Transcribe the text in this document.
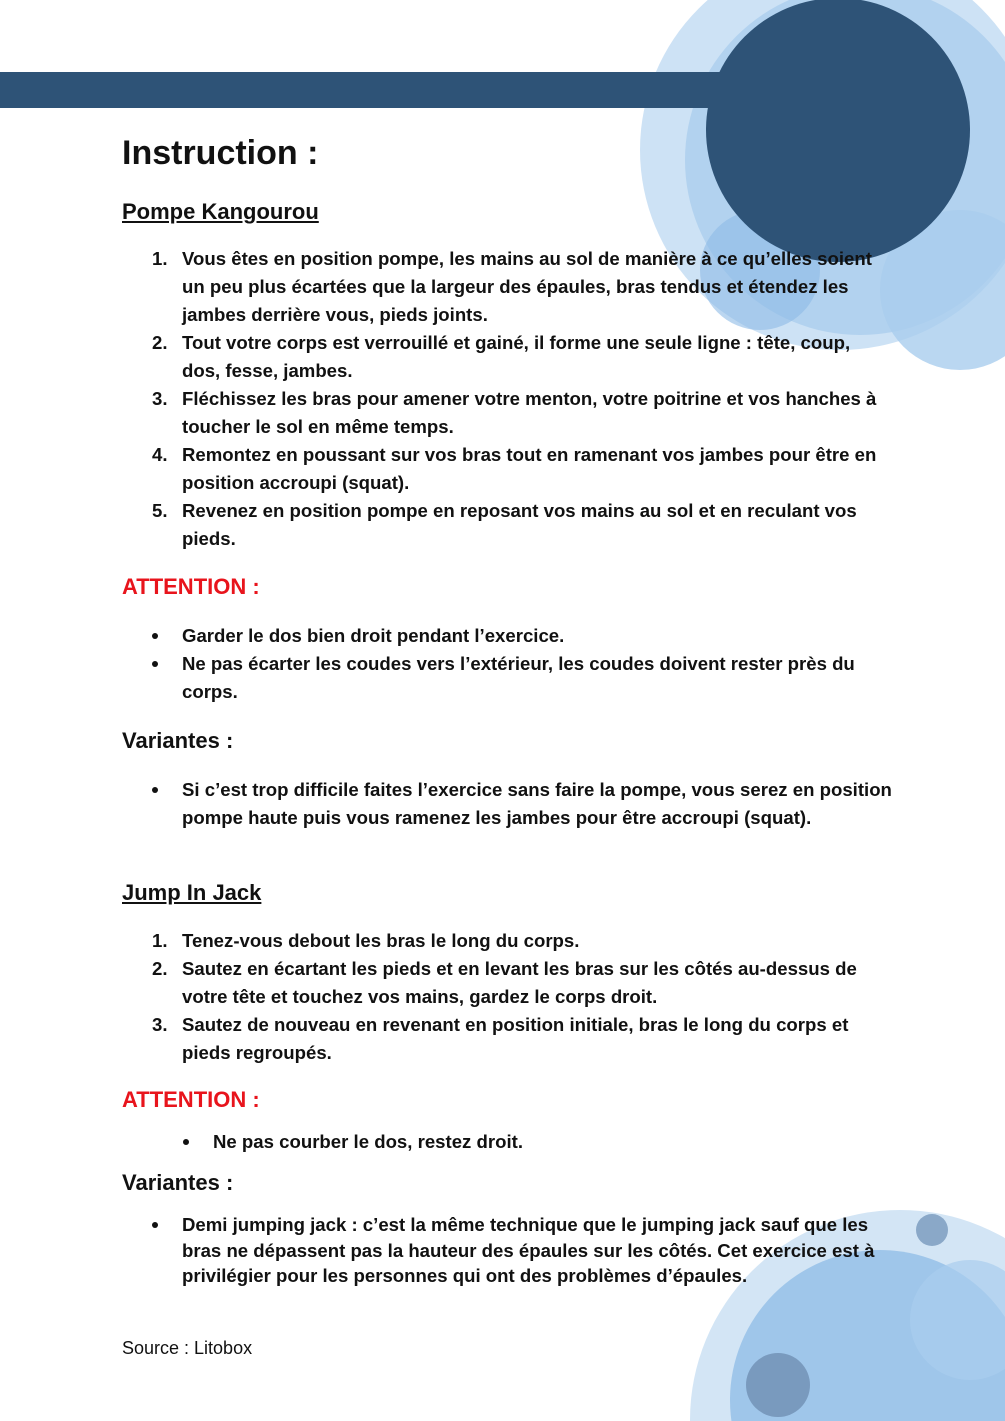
Instruction :
Pompe Kangourou
1. Vous êtes en position pompe, les mains au sol de manière à ce qu’elles soient un peu plus écartées que la largeur des épaules, bras tendus et étendez les jambes derrière vous, pieds joints.
2. Tout votre corps est verrouillé et gainé, il forme une seule ligne : tête, coup, dos, fesse, jambes.
3. Fléchissez les bras pour amener votre menton, votre poitrine et vos hanches à toucher le sol en même temps.
4. Remontez en poussant sur vos bras tout en ramenant vos jambes pour être en position accroupi (squat).
5. Revenez en position pompe en reposant vos mains au sol et en reculant vos pieds.
ATTENTION :
Garder le dos bien droit pendant l’exercice.
Ne pas écarter les coudes vers l’extérieur, les coudes doivent rester près du corps.
Variantes :
Si c’est trop difficile faites l’exercice sans faire la pompe, vous serez en position pompe haute puis vous ramenez les jambes pour être accroupi (squat).
Jump In Jack
1. Tenez-vous debout les bras le long du corps.
2. Sautez en écartant les pieds et en levant les bras sur les côtés au-dessus de votre tête et touchez vos mains, gardez le corps droit.
3. Sautez de nouveau en revenant en position initiale, bras le long du corps et pieds regroupés.
ATTENTION :
Ne pas courber le dos, restez droit.
Variantes :
Demi jumping jack : c’est la même technique que le jumping jack sauf que les bras ne dépassent pas la hauteur des épaules sur les côtés. Cet exercice est à privilégier pour les personnes qui ont des problèmes d’épaules.

Source : Litobox
